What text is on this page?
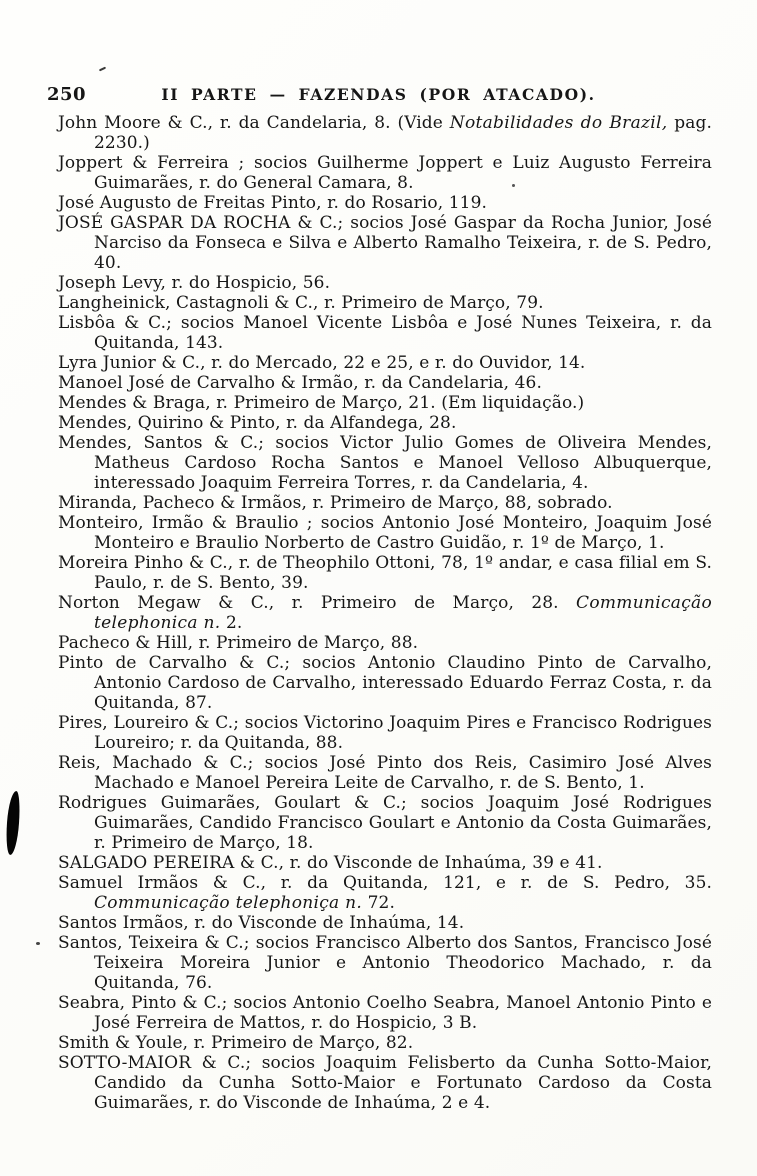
250	II PARTE — FAZENDAS (POR ATACADO).
John Moore & C., r. da Candelaria, 8. (Vide Notabilidades do Brazil, pag. 2230.)
Joppert & Ferreira ; socios Guilherme Joppert e Luiz Augusto Ferreira Guimarães, r. do General Camara, 8.
José Augusto de Freitas Pinto, r. do Rosario, 119.
JOSÉ GASPAR DA ROCHA & C.; socios José Gaspar da Rocha Junior, José Narciso da Fonseca e Silva e Alberto Ramalho Teixeira, r. de S. Pedro, 40.
Joseph Levy, r. do Hospicio, 56.
Langheinick, Castagnoli & C., r. Primeiro de Março, 79.
Lisbôa & C.; socios Manoel Vicente Lisbôa e José Nunes Teixeira, r. da Quitanda, 143.
Lyra Junior & C., r. do Mercado, 22 e 25, e r. do Ouvidor, 14.
Manoel José de Carvalho & Irmão, r. da Candelaria, 46.
Mendes & Braga, r. Primeiro de Março, 21. (Em liquidação.)
Mendes, Quirino & Pinto, r. da Alfandega, 28.
Mendes, Santos & C.; socios Victor Julio Gomes de Oliveira Mendes, Matheus Cardoso Rocha Santos e Manoel Velloso Albuquerque, interessado Joaquim Ferreira Torres, r. da Candelaria, 4.
Miranda, Pacheco & Irmãos, r. Primeiro de Março, 88, sobrado.
Monteiro, Irmão & Braulio ; socios Antonio José Monteiro, Joaquim José Monteiro e Braulio Norberto de Castro Guidão, r. 1º de Março, 1.
Moreira Pinho & C., r. de Theophilo Ottoni, 78, 1º andar, e casa filial em S. Paulo, r. de S. Bento, 39.
Norton Megaw & C., r. Primeiro de Março, 28. Communicação telephonica n. 2.
Pacheco & Hill, r. Primeiro de Março, 88.
Pinto de Carvalho & C.; socios Antonio Claudino Pinto de Carvalho, Antonio Cardoso de Carvalho, interessado Eduardo Ferraz Costa, r. da Quitanda, 87.
Pires, Loureiro & C.; socios Victorino Joaquim Pires e Francisco Rodrigues Loureiro; r. da Quitanda, 88.
Reis, Machado & C.; socios José Pinto dos Reis, Casimiro José Alves Machado e Manoel Pereira Leite de Carvalho, r. de S. Bento, 1.
Rodrigues Guimarães, Goulart & C.; socios Joaquim José Rodrigues Guimarães, Candido Francisco Goulart e Antonio da Costa Guimarães, r. Primeiro de Março, 18.
SALGADO PEREIRA & C., r. do Visconde de Inhaúma, 39 e 41.
Samuel Irmãos & C., r. da Quitanda, 121, e r. de S. Pedro, 35. Communicação telephoniça n. 72.
Santos Irmãos, r. do Visconde de Inhaúma, 14.
Santos, Teixeira & C.; socios Francisco Alberto dos Santos, Francisco José Teixeira Moreira Junior e Antonio Theodorico Machado, r. da Quitanda, 76.
Seabra, Pinto & C.; socios Antonio Coelho Seabra, Manoel Antonio Pinto e José Ferreira de Mattos, r. do Hospicio, 3 B.
Smith & Youle, r. Primeiro de Março, 82.
SOTTO-MAIOR & C.; socios Joaquim Felisberto da Cunha Sotto-Maior, Candido da Cunha Sotto-Maior e Fortunato Cardoso da Costa Guimarães, r. do Visconde de Inhaúma, 2 e 4.
